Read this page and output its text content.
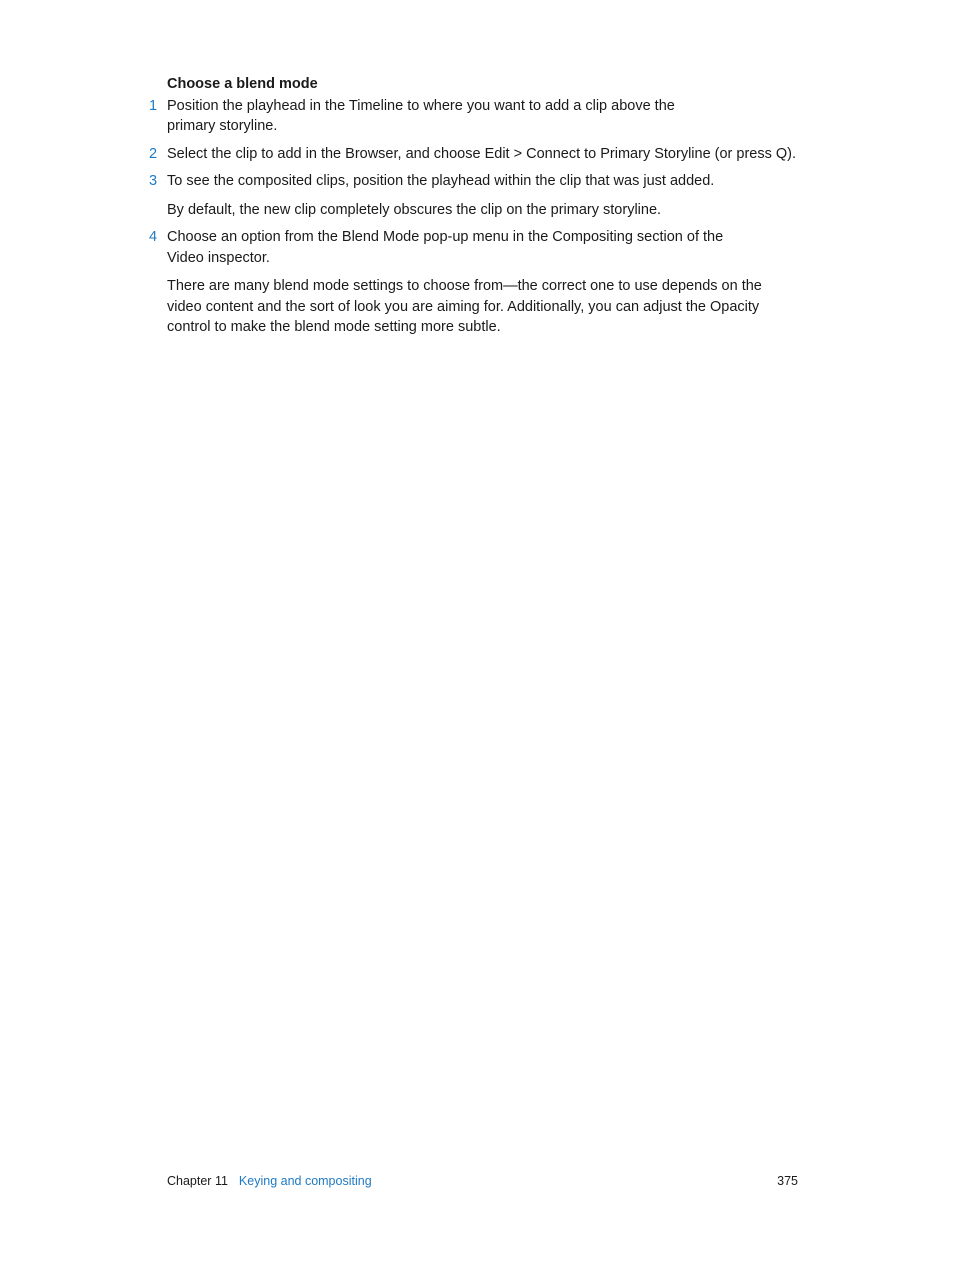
Choose a blend mode

1 Position the playhead in the Timeline to where you want to add a clip above the primary storyline.

2 Select the clip to add in the Browser, and choose Edit > Connect to Primary Storyline (or press Q).

3 To see the composited clips, position the playhead within the clip that was just added.

By default, the new clip completely obscures the clip on the primary storyline.

4 Choose an option from the Blend Mode pop-up menu in the Compositing section of the Video inspector.

There are many blend mode settings to choose from—the correct one to use depends on the video content and the sort of look you are aiming for. Additionally, you can adjust the Opacity control to make the blend mode setting more subtle.

Chapter 11 Keying and compositing	375
